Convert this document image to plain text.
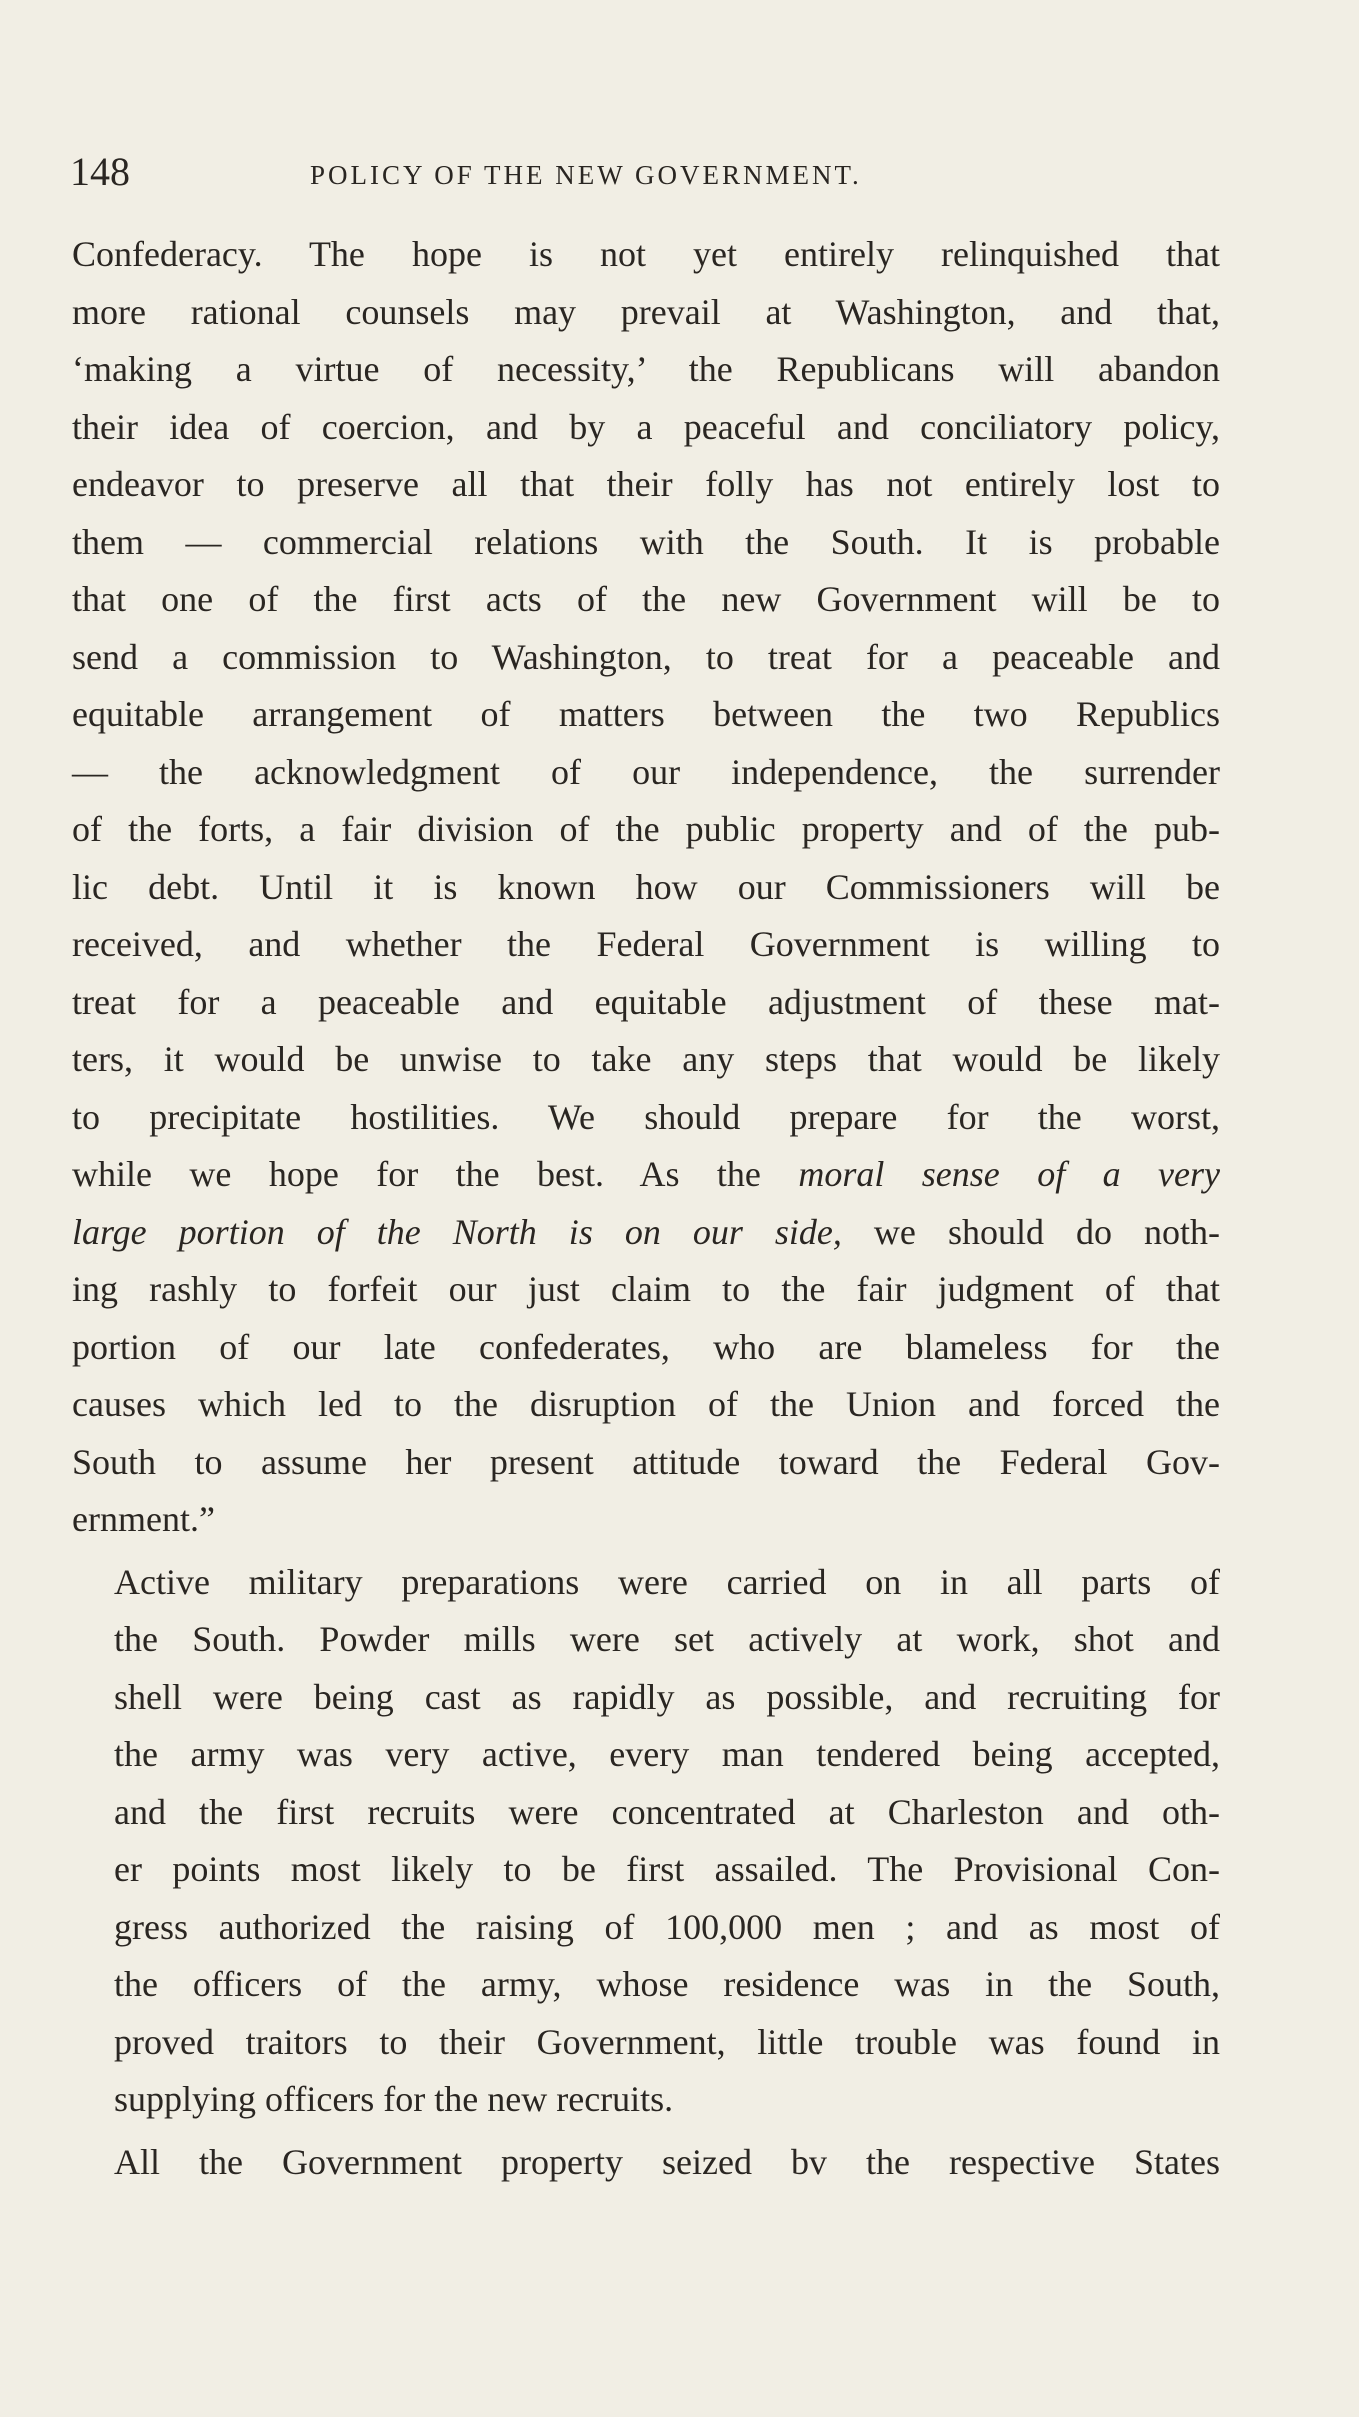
148	POLICY OF THE NEW GOVERNMENT.
Confederacy. The hope is not yet entirely relinquished that
more rational counsels may prevail at Washington, and that,
‘making a virtue of necessity,’ the Republicans will abandon
their idea of coercion, and by a peaceful and conciliatory policy,
endeavor to preserve all that their folly has not entirely lost to
them — commercial relations with the South. It is probable
that one of the first acts of the new Government will be to
send a commission to Washington, to treat for a peaceable and
equitable arrangement of matters between the two Republics
— the acknowledgment of our independence, the surrender
of the forts, a fair division of the public property and of the pub-
lic debt. Until it is known how our Commissioners will be
received, and whether the Federal Government is willing to
treat for a peaceable and equitable adjustment of these mat-
ters, it would be unwise to take any steps that would be likely
to precipitate hostilities. We should prepare for the worst,
while we hope for the best. As the moral sense of a very
large portion of the North is on our side, we should do noth-
ing rashly to forfeit our just claim to the fair judgment of that
portion of our late confederates, who are blameless for the
causes which led to the disruption of the Union and forced the
South to assume her present attitude toward the Federal Gov-
ernment.”
Active military preparations were carried on in all parts of
the South. Powder mills were set actively at work, shot and
shell were being cast as rapidly as possible, and recruiting for
the army was very active, every man tendered being accepted,
and the first recruits were concentrated at Charleston and oth-
er points most likely to be first assailed. The Provisional Con-
gress authorized the raising of 100,000 men ; and as most of
the officers of the army, whose residence was in the South,
proved traitors to their Government, little trouble was found in
supplying officers for the new recruits.
All the Government property seized bv the respective States
